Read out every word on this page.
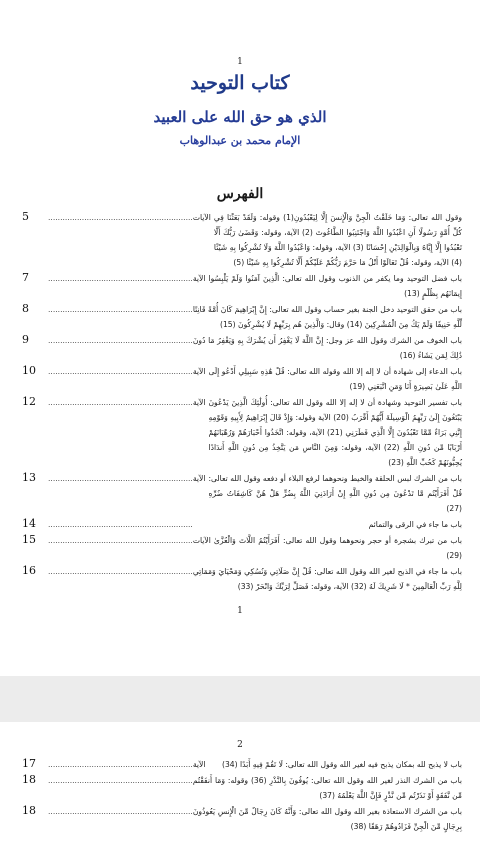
1
كتاب التوحيد
الذي هو حق الله على العبيد
الإمام محمد بن عبدالوهاب
الفهرس
وقول الله تعالى: وَمَا خَلَقْتُ الْجِنَّ وَالْإِنسَ إِلَّا لِيَعْبُدُونِ(1) وقوله: وَلَقَدْ بَعَثْنَا فِي كُلِّ أُمَّةٍ رَسُولًا أَنِ اعْبُدُوا اللَّهَ وَاجْتَنِبُوا الطَّاغُوتَ (2) الآية، وقوله: وَقَضَىٰ رَبُّكَ أَلَّا تَعْبُدُوا إِلَّا إِيَّاهُ وَبِالْوَالِدَيْنِ إِحْسَانًا (3) الآية، وقوله: وَاعْبُدُوا اللَّهَ وَلَا تُشْرِكُوا بِهِ شَيْئًا (4) الآية، وقوله: قُلْ تَعَالَوْا أَتْلُ مَا حَرَّمَ رَبُّكُمْ عَلَيْكُمْ أَلَّا تُشْرِكُوا بِهِ شَيْئًا (5)
الآيات
............................................................
5
باب فضل التوحيد وما يكفر من الذنوب وقول الله تعالى: الَّذِينَ آمَنُوا وَلَمْ يَلْبِسُوا إِيمَانَهُم بِظُلْمٍ (13)
الآية
............................................................
7
باب من حقق التوحيد دخل الجنة بغير حساب وقول الله تعالى: إِنَّ إِبْرَاهِيمَ كَانَ أُمَّةً قَانِتًا لِّلَّهِ حَنِيفًا وَلَمْ يَكُ مِنَ الْمُشْرِكِينَ (14) وقال: وَالَّذِينَ هُم بِرَبِّهِمْ لَا يُشْرِكُونَ (15)
............................................................
8
باب الخوف من الشرك وقول الله عز وجل: إِنَّ اللَّهَ لَا يَغْفِرُ أَن يُشْرَكَ بِهِ وَيَغْفِرُ مَا دُونَ ذَٰلِكَ لِمَن يَشَاءُ (16)
............................................................
9
باب الدعاء إلى شهادة أن لا إله إلا الله وقوله الله تعالى: قُلْ هَٰذِهِ سَبِيلِي أَدْعُو إِلَى اللَّهِ عَلَىٰ بَصِيرَةٍ أَنَا وَمَنِ اتَّبَعَنِي (19)
الآية
............................................................
10
باب تفسير التوحيد وشهادة أن لا إله إلا الله وقول الله تعالى: أُولَٰئِكَ الَّذِينَ يَدْعُونَ يَبْتَغُونَ إِلَىٰ رَبِّهِمُ الْوَسِيلَةَ أَيُّهُمْ أَقْرَبُ (20) الآية وقوله: وَإِذْ قَالَ إِبْرَاهِيمُ لِأَبِيهِ وَقَوْمِهِ إِنَّنِي بَرَاءٌ مِّمَّا تَعْبُدُونَ إِلَّا الَّذِي فَطَرَنِي (21) الآية، وقوله: اتَّخَذُوا أَحْبَارَهُمْ وَرُهْبَانَهُمْ أَرْبَابًا مِّن دُونِ اللَّهِ (22) الآية، وقوله: وَمِنَ النَّاسِ مَن يَتَّخِذُ مِن دُونِ اللَّهِ أَندَادًا يُحِبُّونَهُمْ كَحُبِّ اللَّهِ (23)
الآية
............................................................
12
باب من الشرك لبس الحلقة والخيط ونحوهما لرفع البلاء أو دفعه وقول الله تعالى: قُلْ أَفَرَأَيْتُم مَّا تَدْعُونَ مِن دُونِ اللَّهِ إِنْ أَرَادَنِيَ اللَّهُ بِضُرٍّ هَلْ هُنَّ كَاشِفَاتُ ضُرِّهِ (27)
الآية
............................................................
13
باب ما جاء في الرقى والتمائم
............................................................
14
باب من تبرك بشجرة أو حجر ونحوهما وقول الله تعالى: أَفَرَأَيْتُمُ اللَّاتَ وَالْعُزَّىٰ (29)
الآيات
............................................................
15
باب ما جاء في الذبح لغير الله وقول الله تعالى: قُلْ إِنَّ صَلَاتِي وَنُسُكِي وَمَحْيَايَ وَمَمَاتِي لِلَّهِ رَبِّ الْعَالَمِينَ * لَا شَرِيكَ لَهُ (32) الآية، وقوله: فَصَلِّ لِرَبِّكَ وَانْحَرْ (33)
............................................................
16
1
2
باب لا يذبح لله بمكان يذبح فيه لغير الله وقول الله تعالى: لَا تَقُمْ فِيهِ أَبَدًا (34)
الآية
............................................................
17
باب من الشرك النذر لغير الله وقول الله تعالى: يُوفُونَ بِالنَّذْرِ (36) وقوله: وَمَا أَنفَقْتُم مِّن نَّفَقَةٍ أَوْ نَذَرْتُم مِّن نَّذْرٍ فَإِنَّ اللَّهَ يَعْلَمُهُ (37)
............................................................
18
باب من الشرك الاستعاذة بغير الله وقول الله تعالى: وَأَنَّهُ كَانَ رِجَالٌ مِّنَ الْإِنسِ يَعُوذُونَ بِرِجَالٍ مِّنَ الْجِنِّ فَزَادُوهُمْ رَهَقًا (38)
............................................................
18
